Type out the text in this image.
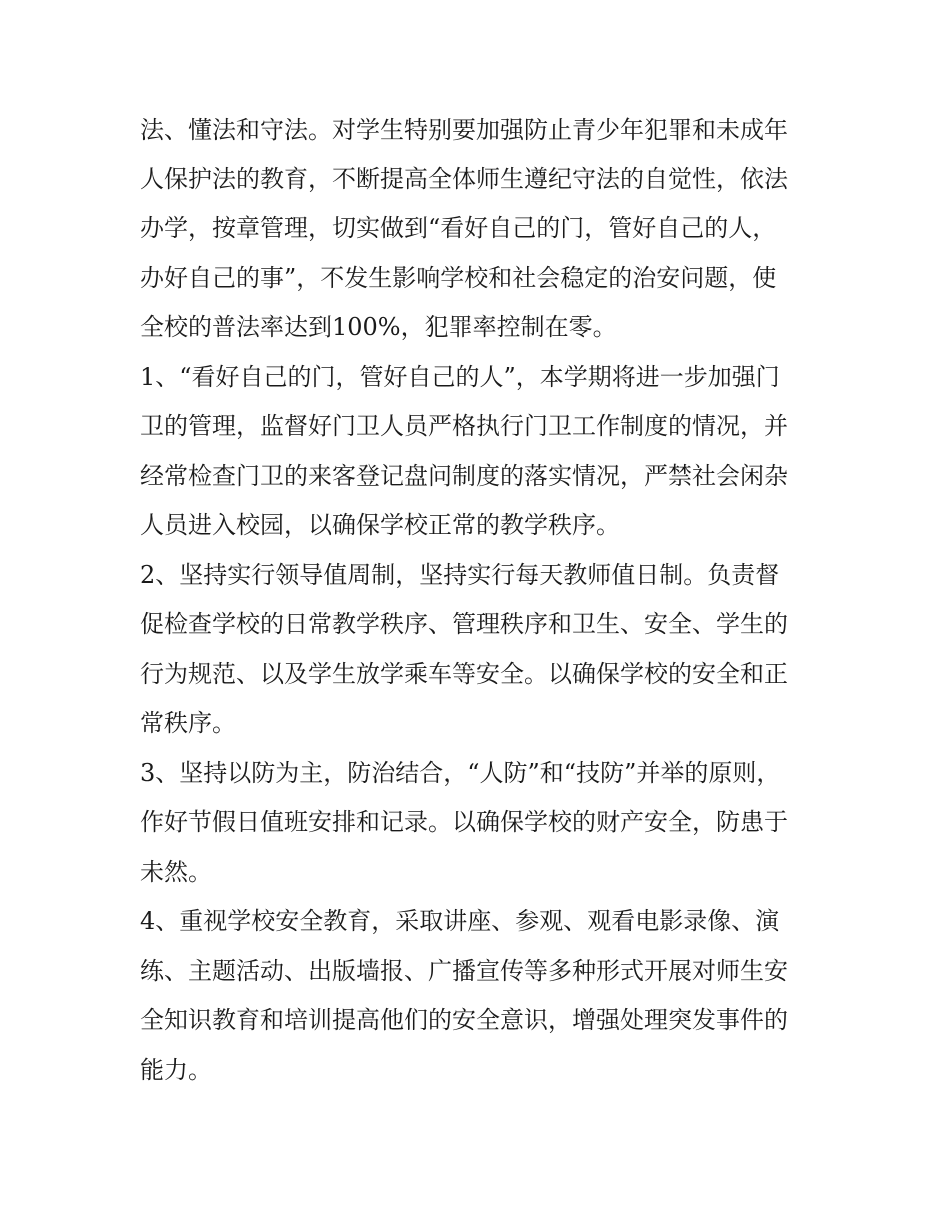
法、懂法和守法。对学生特别要加强防止青少年犯罪和未成年
人保护法的教育，不断提高全体师生遵纪守法的自觉性，依法
办学，按章管理，切实做到“看好自己的门，管好自己的人，
办好自己的事”，不发生影响学校和社会稳定的治安问题，使
全校的普法率达到100%，犯罪率控制在零。
1、“看好自己的门，管好自己的人”，本学期将进一步加强门
卫的管理，监督好门卫人员严格执行门卫工作制度的情况，并
经常检查门卫的来客登记盘问制度的落实情况，严禁社会闲杂
人员进入校园，以确保学校正常的教学秩序。
2、坚持实行领导值周制，坚持实行每天教师值日制。负责督
促检查学校的日常教学秩序、管理秩序和卫生、安全、学生的
行为规范、以及学生放学乘车等安全。以确保学校的安全和正
常秩序。
3、坚持以防为主，防治结合，“人防”和“技防”并举的原则，
作好节假日值班安排和记录。以确保学校的财产安全，防患于
未然。
4、重视学校安全教育，采取讲座、参观、观看电影录像、演
练、主题活动、出版墙报、广播宣传等多种形式开展对师生安
全知识教育和培训提高他们的安全意识，增强处理突发事件的
能力。
